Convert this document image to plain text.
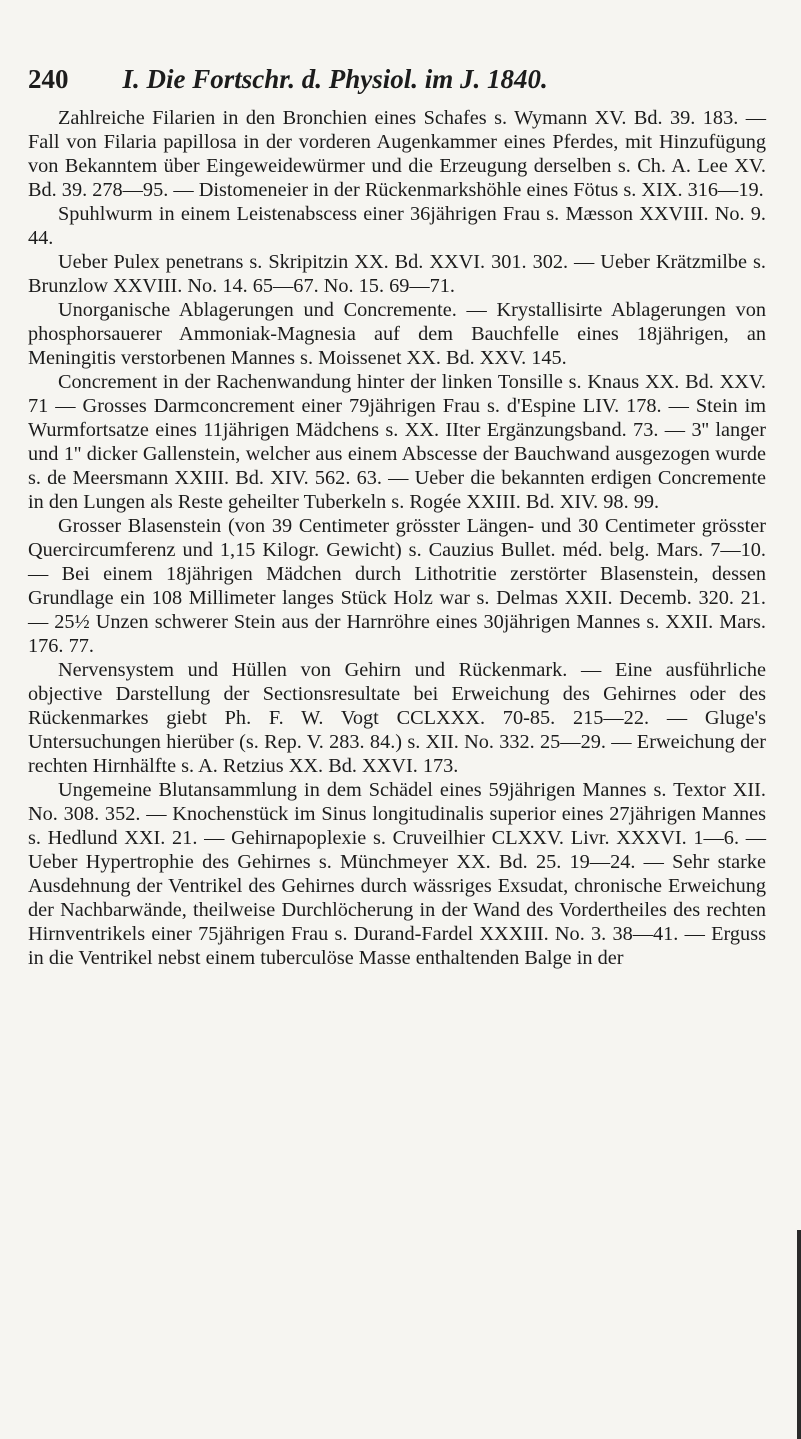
240 I. Die Fortschr. d. Physiol. im J. 1840.

Zahlreiche Filarien in den Bronchien eines Schafes s. Wymann XV. Bd. 39. 183. — Fall von Filaria papillosa in der vorderen Augenkammer eines Pferdes, mit Hinzufügung von Bekanntem über Eingeweidewürmer und die Erzeugung derselben s. Ch. A. Lee XV. Bd. 39. 278—95. — Distomeneier in der Rückenmarkshöhle eines Fötus s. XIX. 316—19.

Spuhlwurm in einem Leistenabscess einer 36jährigen Frau s. Mæsson XXVIII. No. 9. 44.

Ueber Pulex penetrans s. Skripitzin XX. Bd. XXVI. 301. 302. — Ueber Krätzmilbe s. Brunzlow XXVIII. No. 14. 65—67. No. 15. 69—71.

Unorganische Ablagerungen und Concremente. — Krystallisirte Ablagerungen von phosphorsauerer Ammoniak-Magnesia auf dem Bauchfelle eines 18jährigen, an Meningitis verstorbenen Mannes s. Moissenet XX. Bd. XXV. 145.

Concrement in der Rachenwandung hinter der linken Tonsille s. Knaus XX. Bd. XXV. 71 — Grosses Darmconcrement einer 79jährigen Frau s. d'Espine LIV. 178. — Stein im Wurmfortsatze eines 11jährigen Mädchens s. XX. IIter Ergänzungsband. 73. — 3'' langer und 1'' dicker Gallenstein, welcher aus einem Abscesse der Bauchwand ausgezogen wurde s. de Meersmann XXIII. Bd. XIV. 562. 63. — Ueber die bekannten erdigen Concremente in den Lungen als Reste geheilter Tuberkeln s. Rogée XXIII. Bd. XIV. 98. 99.

Grosser Blasenstein (von 39 Centimeter grösster Längen- und 30 Centimeter grösster Quercircumferenz und 1,15 Kilogr. Gewicht) s. Cauzius Bullet. méd. belg. Mars. 7—10. — Bei einem 18jährigen Mädchen durch Lithotritie zerstörter Blasenstein, dessen Grundlage ein 108 Millimeter langes Stück Holz war s. Delmas XXII. Decemb. 320. 21. — 25½ Unzen schwerer Stein aus der Harnröhre eines 30jährigen Mannes s. XXII. Mars. 176. 77.

Nervensystem und Hüllen von Gehirn und Rückenmark. — Eine ausführliche objective Darstellung der Sectionsresultate bei Erweichung des Gehirnes oder des Rückenmarkes giebt Ph. F. W. Vogt CCLXXX. 70-85. 215—22. — Gluge's Untersuchungen hierüber (s. Rep. V. 283. 84.) s. XII. No. 332. 25—29. — Erweichung der rechten Hirnhälfte s. A. Retzius XX. Bd. XXVI. 173.

Ungemeine Blutansammlung in dem Schädel eines 59jährigen Mannes s. Textor XII. No. 308. 352. — Knochenstück im Sinus longitudinalis superior eines 27jährigen Mannes s. Hedlund XXI. 21. — Gehirnapoplexie s. Cruveilhier CLXXV. Livr. XXXVI. 1—6. — Ueber Hypertrophie des Gehirnes s. Münchmeyer XX. Bd. 25. 19—24. — Sehr starke Ausdehnung der Ventrikel des Gehirnes durch wässriges Exsudat, chronische Erweichung der Nachbarwände, theilweise Durchlöcherung in der Wand des Vordertheiles des rechten Hirnventrikels einer 75jährigen Frau s. Durand-Fardel XXXIII. No. 3. 38—41. — Erguss in die Ventrikel nebst einem tuberculöse Masse enthaltenden Balge in der
